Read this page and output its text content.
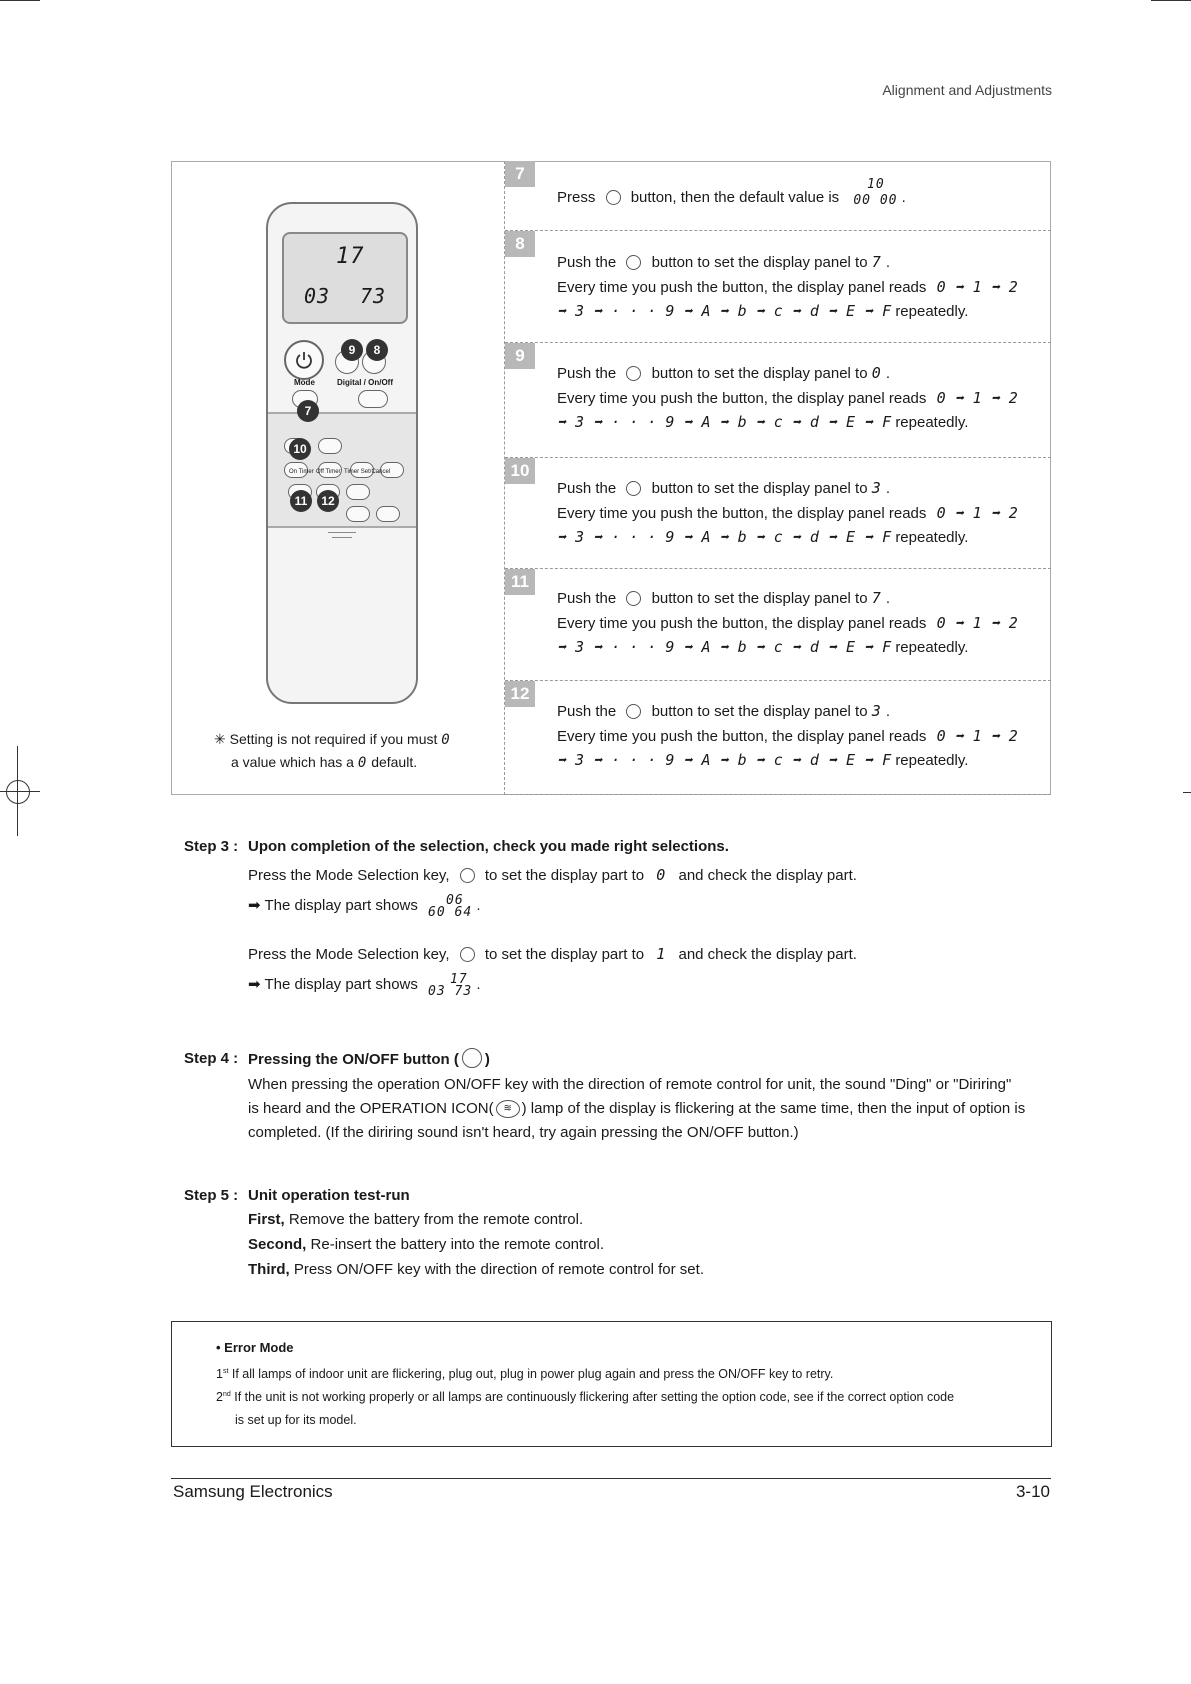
Alignment and Adjustments
17
03 73
Mode	Digital / On/Off
On Timer Off Timer Timer Set/Cancel
9	8
7
10
11	12
✳ Setting is not required if you must 0
a value which has a 0 default.
7
Press button, then the default value is 00 00 .
10
8
Push the button to set the display panel to 7 .
Every time you push the button, the display panel reads 0 ➡ 1 ➡ 2
➡ 3 ➡ · · · 9 ➡ A ➡ b ➡ c ➡ d ➡ E ➡ F repeatedly.
9
Push the button to set the display panel to 0 .
Every time you push the button, the display panel reads 0 ➡ 1 ➡ 2
➡ 3 ➡ · · · 9 ➡ A ➡ b ➡ c ➡ d ➡ E ➡ F repeatedly.
10
Push the button to set the display panel to 3 .
Every time you push the button, the display panel reads 0 ➡ 1 ➡ 2
➡ 3 ➡ · · · 9 ➡ A ➡ b ➡ c ➡ d ➡ E ➡ F repeatedly.
11
Push the button to set the display panel to 7 .
Every time you push the button, the display panel reads 0 ➡ 1 ➡ 2
➡ 3 ➡ · · · 9 ➡ A ➡ b ➡ c ➡ d ➡ E ➡ F repeatedly.
12
Push the button to set the display panel to 3 .
Every time you push the button, the display panel reads 0 ➡ 1 ➡ 2
➡ 3 ➡ · · · 9 ➡ A ➡ b ➡ c ➡ d ➡ E ➡ F repeatedly.
Step 3 : Upon completion of the selection, check you made right selections.
Press the Mode Selection key, to set the display part to 0 and check the display part.
➡ The display part shows 60 64 .
06
Press the Mode Selection key, to set the display part to 1 and check the display part.
➡ The display part shows 03 73 .
17
Step 4 : Pressing the ON/OFF button ( )
When pressing the operation ON/OFF key with the direction of remote control for unit, the sound "Ding" or "Diriring"
is heard and the OPERATION ICON( ≋ ) lamp of the display is flickering at the same time, then the input of option is
completed. (If the diriring sound isn't heard, try again pressing the ON/OFF button.)
Step 5 : Unit operation test-run
First, Remove the battery from the remote control.
Second, Re-insert the battery into the remote control.
Third, Press ON/OFF key with the direction of remote control for set.
• Error Mode
1st If all lamps of indoor unit are flickering, plug out, plug in power plug again and press the ON/OFF key to retry.
2nd If the unit is not working properly or all lamps are continuously flickering after setting the option code, see if the correct option code
is set up for its model.
Samsung Electronics	3-10
